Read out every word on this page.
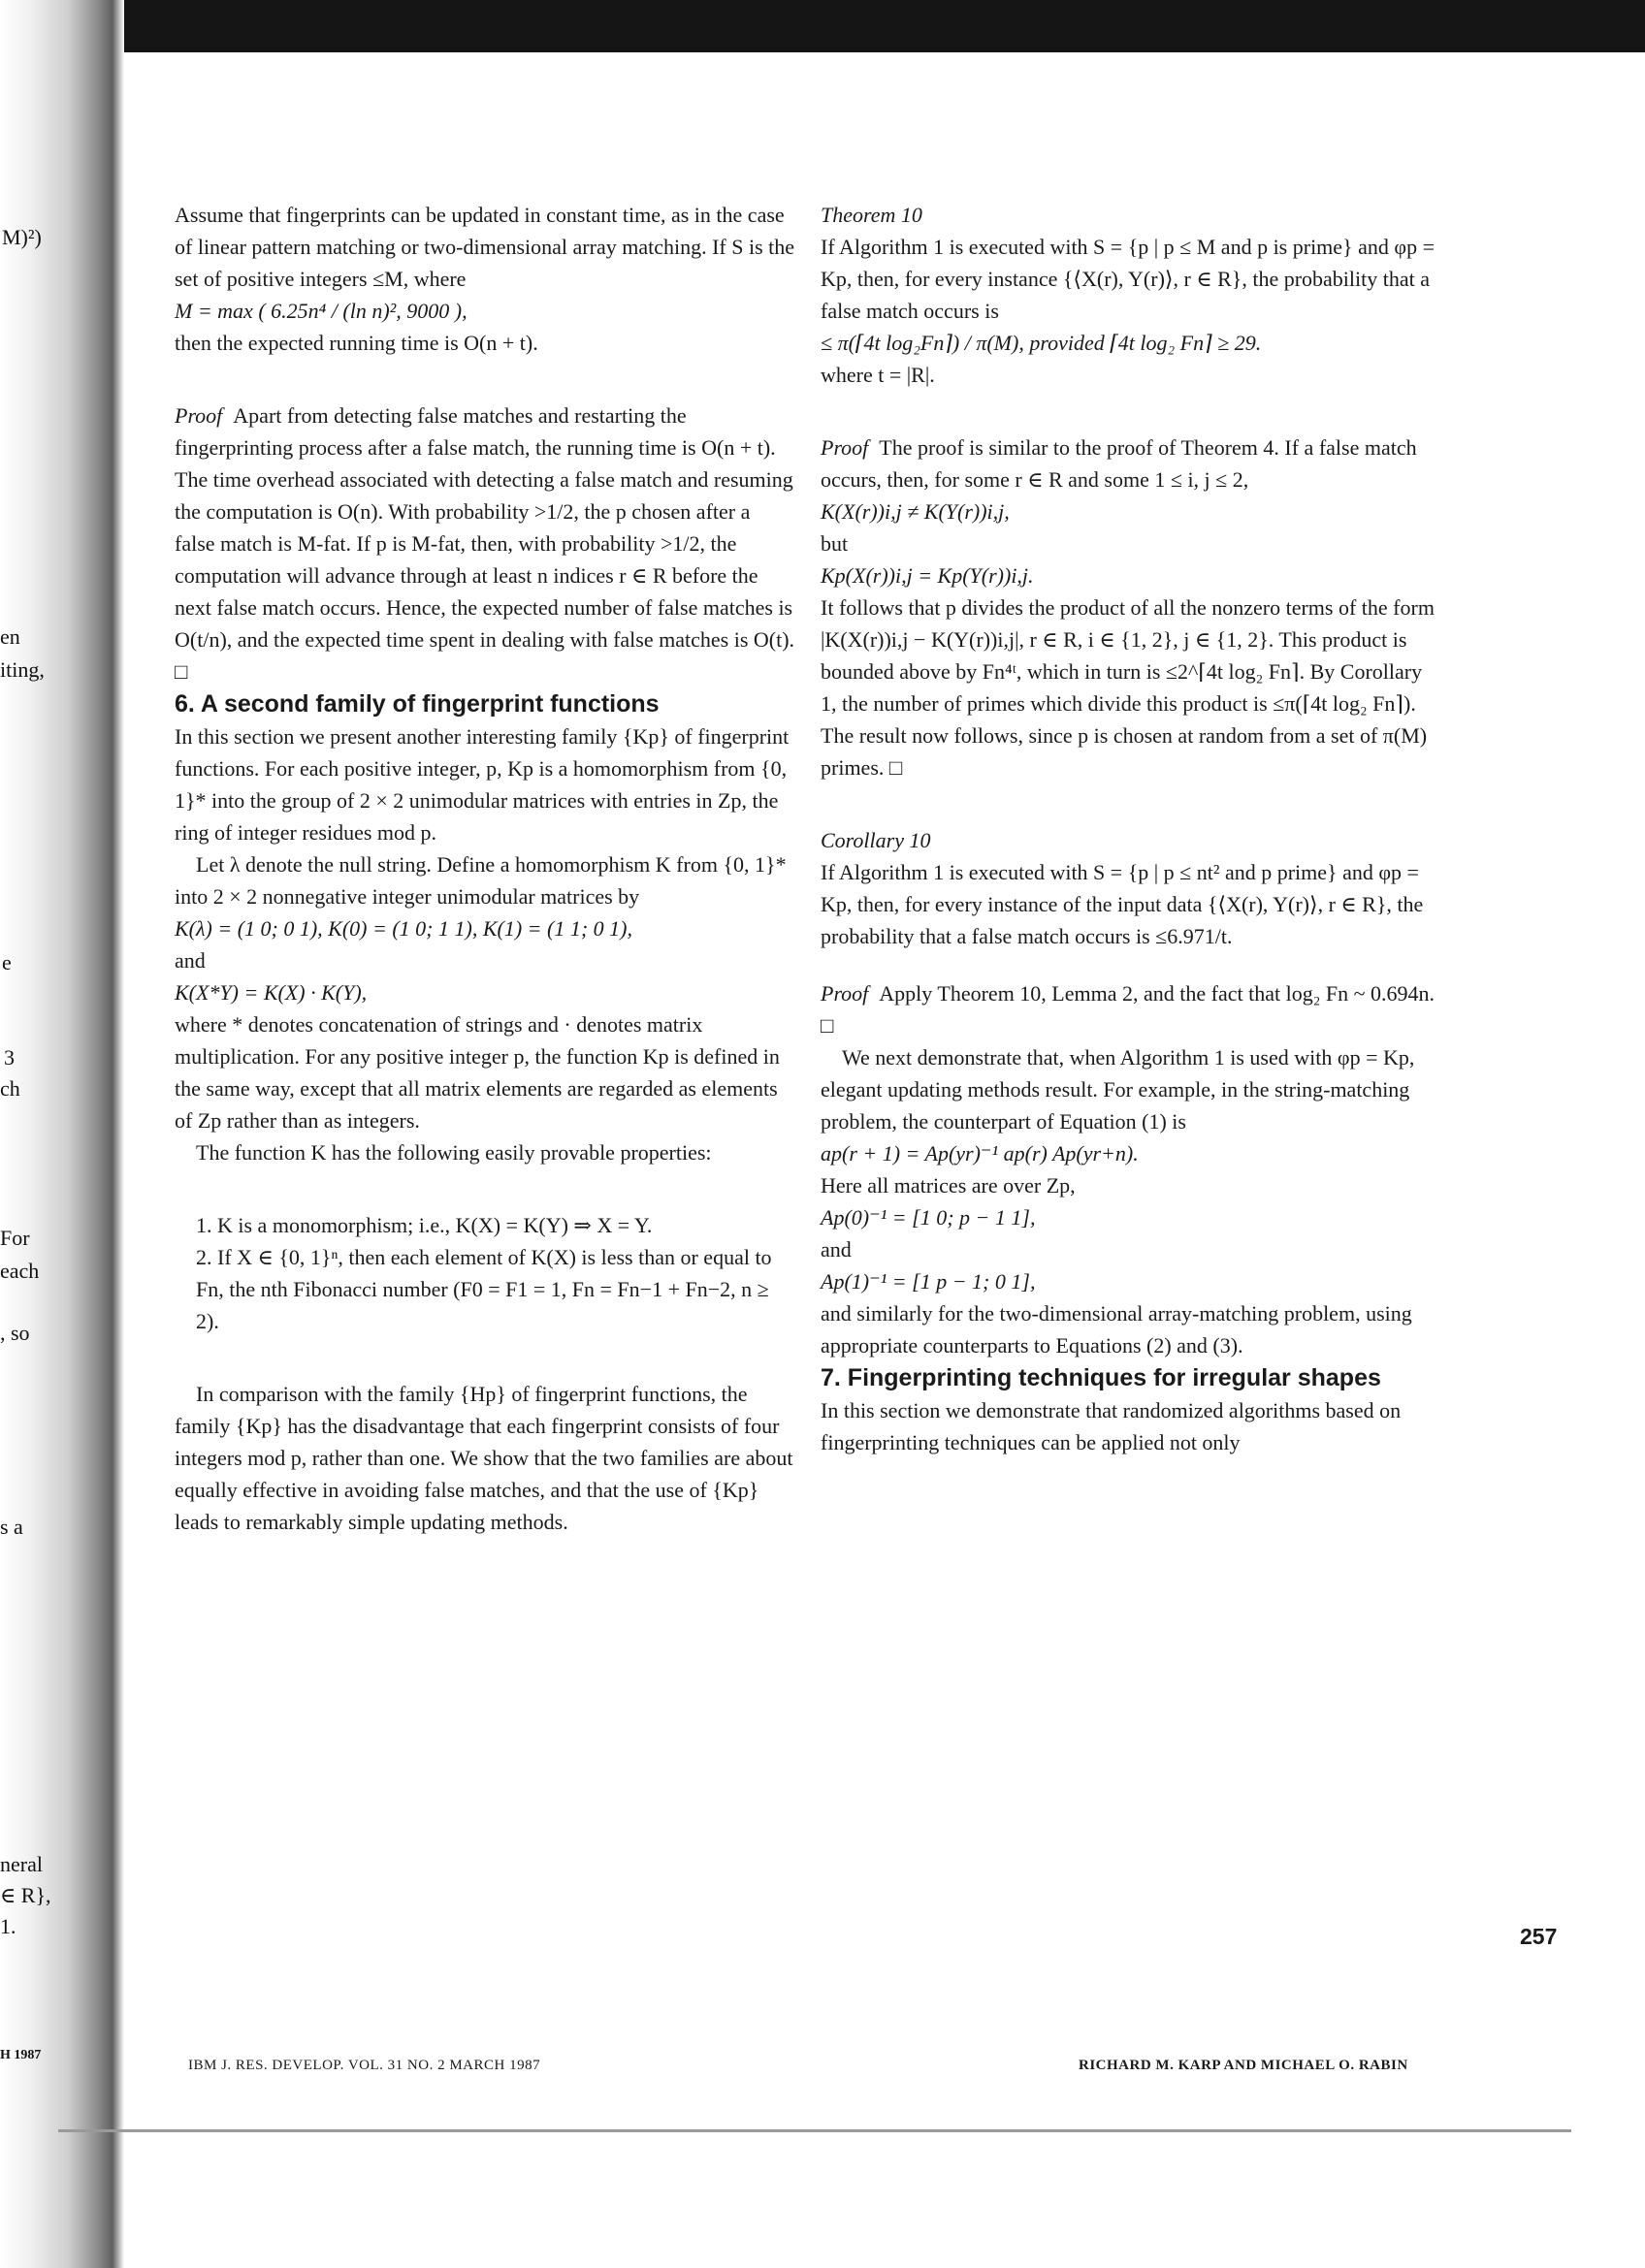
M)²)
en
iting,
e
3
ch
For
each
, so
s a
neral
∈ R},
1.
H 1987

Assume that fingerprints can be updated in constant time, as in the case of linear pattern matching or two-dimensional array matching. If S is the set of positive integers ≤M, where

M = max ( 6.25n⁴ / (ln n)², 9000 ),

then the expected running time is O(n + t).

Proof Apart from detecting false matches and restarting the fingerprinting process after a false match, the running time is O(n + t). The time overhead associated with detecting a false match and resuming the computation is O(n). With probability >1/2, the p chosen after a false match is M-fat. If p is M-fat, then, with probability >1/2, the computation will advance through at least n indices r ∈ R before the next false match occurs. Hence, the expected number of false matches is O(t/n), and the expected time spent in dealing with false matches is O(t). □

6. A second family of fingerprint functions

In this section we present another interesting family {Kp} of fingerprint functions. For each positive integer, p, Kp is a homomorphism from {0, 1}* into the group of 2 × 2 unimodular matrices with entries in Zp, the ring of integer residues mod p.

Let λ denote the null string. Define a homomorphism K from {0, 1}* into 2 × 2 nonnegative integer unimodular matrices by

K(λ) = (1 0; 0 1), K(0) = (1 0; 1 1), K(1) = (1 1; 0 1),

and

K(X*Y) = K(X) · K(Y),

where * denotes concatenation of strings and · denotes matrix multiplication. For any positive integer p, the function Kp is defined in the same way, except that all matrix elements are regarded as elements of Zp rather than as integers.

The function K has the following easily provable properties:

1. K is a monomorphism; i.e., K(X) = K(Y) ⇒ X = Y.
2. If X ∈ {0, 1}ⁿ, then each element of K(X) is less than or equal to Fn, the nth Fibonacci number (F0 = F1 = 1, Fn = Fn−1 + Fn−2, n ≥ 2).

In comparison with the family {Hp} of fingerprint functions, the family {Kp} has the disadvantage that each fingerprint consists of four integers mod p, rather than one. We show that the two families are about equally effective in avoiding false matches, and that the use of {Kp} leads to remarkably simple updating methods.

Theorem 10

If Algorithm 1 is executed with S = {p | p ≤ M and p is prime} and φp = Kp, then, for every instance {⟨X(r), Y(r)⟩, r ∈ R}, the probability that a false match occurs is

≤ π(⌈4t log₂Fn⌉) / π(M), provided ⌈4t log₂ Fn⌉ ≥ 29.

where t = |R|.

Proof The proof is similar to the proof of Theorem 4. If a false match occurs, then, for some r ∈ R and some 1 ≤ i, j ≤ 2,

K(X(r))i,j ≠ K(Y(r))i,j,

but

Kp(X(r))i,j = Kp(Y(r))i,j.

It follows that p divides the product of all the nonzero terms of the form |K(X(r))i,j − K(Y(r))i,j|, r ∈ R, i ∈ {1, 2}, j ∈ {1, 2}. This product is bounded above by Fn⁴ᵗ, which in turn is ≤2^⌈4t log₂ Fn⌉. By Corollary 1, the number of primes which divide this product is ≤π(⌈4t log₂ Fn⌉). The result now follows, since p is chosen at random from a set of π(M) primes. □

Corollary 10

If Algorithm 1 is executed with S = {p | p ≤ nt² and p prime} and φp = Kp, then, for every instance of the input data {⟨X(r), Y(r)⟩, r ∈ R}, the probability that a false match occurs is ≤6.971/t.

Proof Apply Theorem 10, Lemma 2, and the fact that log₂ Fn ~ 0.694n. □

We next demonstrate that, when Algorithm 1 is used with φp = Kp, elegant updating methods result. For example, in the string-matching problem, the counterpart of Equation (1) is

ap(r + 1) = Ap(yr)⁻¹ ap(r) Ap(yr+n).

Here all matrices are over Zp,

Ap(0)⁻¹ = [1 0; p − 1 1],

and

Ap(1)⁻¹ = [1 p − 1; 0 1],

and similarly for the two-dimensional array-matching problem, using appropriate counterparts to Equations (2) and (3).

7. Fingerprinting techniques for irregular shapes

In this section we demonstrate that randomized algorithms based on fingerprinting techniques can be applied not only

257
IBM J. RES. DEVELOP. VOL. 31 NO. 2 MARCH 1987	RICHARD M. KARP AND MICHAEL O. RABIN
